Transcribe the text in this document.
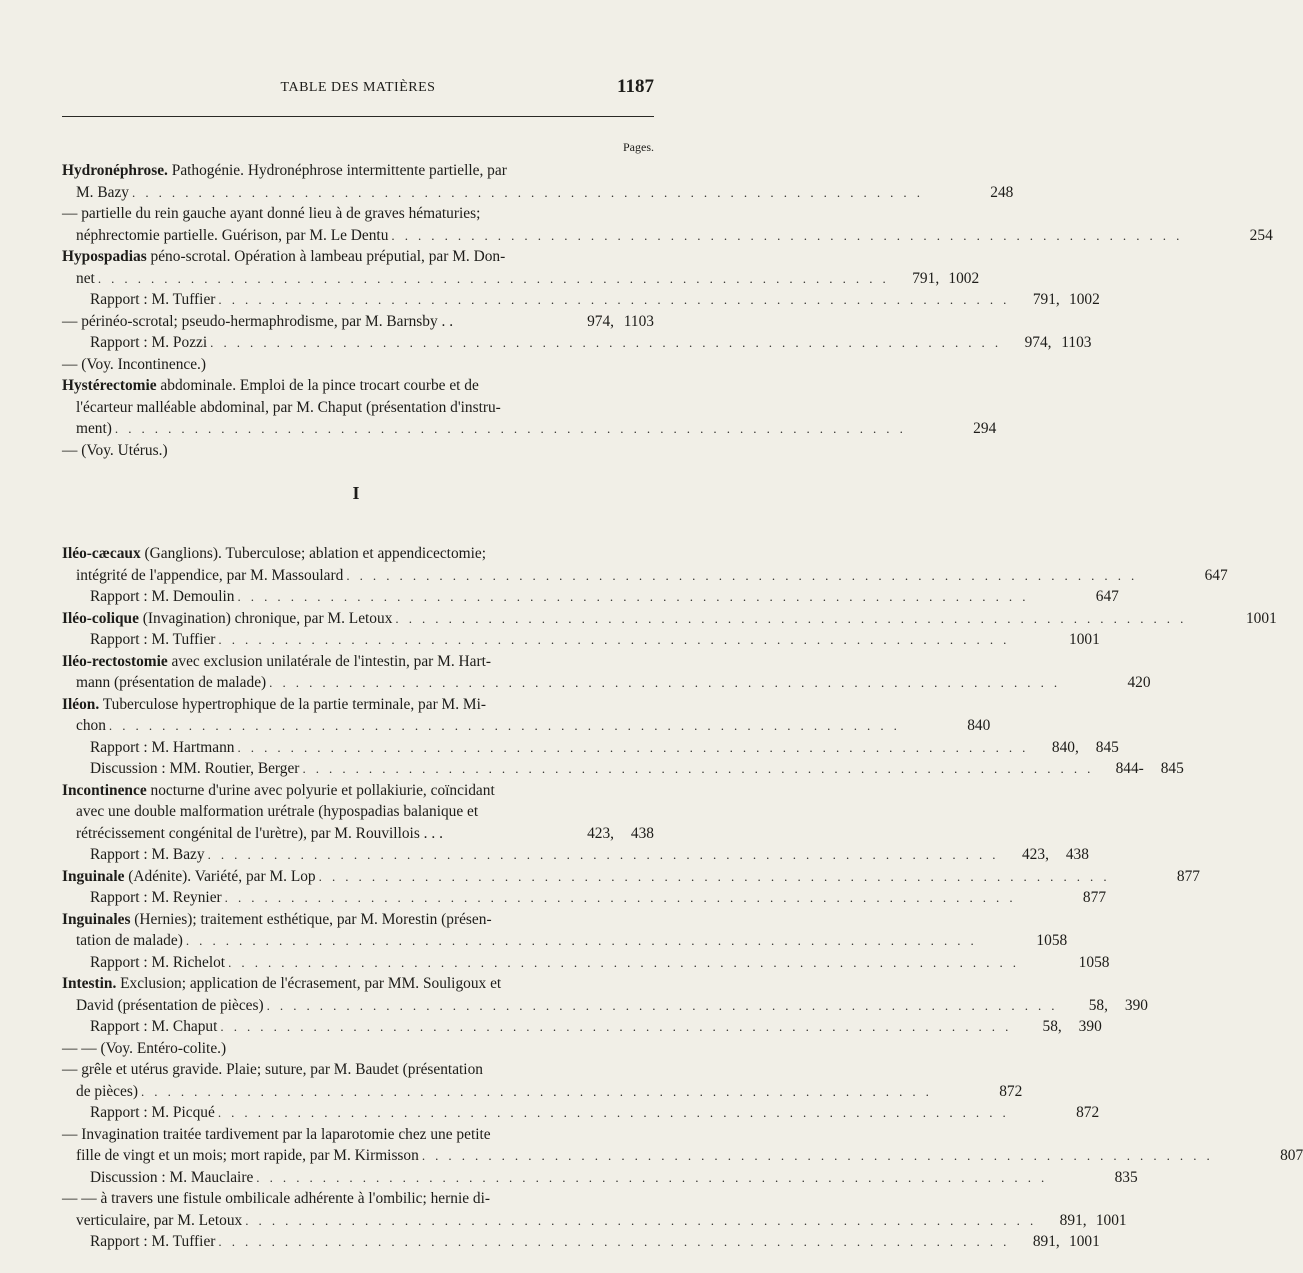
TABLE DES MATIÈRES	1187
Pages.
Hydronéphrose. Pathogénie. Hydronéphrose intermittente partielle, par
M. Bazy . . . . . . . . . . . . . . . . . . . . . . . . . . . . . . . . . . . . . . . . . . . . . . . . . . . . . . . . . . . .	248
— partielle du rein gauche ayant donné lieu à de graves hématuries;
néphrectomie partielle. Guérison, par M. Le Dentu . . . . . . . . . . . . . . . . . . . . . . . . . . . . . . . . . . . . . . . . . . . . . . . . . . . . . . . . . . . .	254
Hypospadias péno-scrotal. Opération à lambeau préputial, par M. Don-
net . . . . . . . . . . . . . . . . . . . . . . . . . . . . . . . . . . . . . . . . . . . . . . . . . . . . . . . . . . . .	791, 1002
Rapport : M. Tuffier . . . . . . . . . . . . . . . . . . . . . . . . . . . . . . . . . . . . . . . . . . . . . . . . . . . . . . . . . . . .	791, 1002
— périnéo-scrotal; pseudo-hermaphrodisme, par M. Barnsby . .	974, 1103
Rapport : M. Pozzi . . . . . . . . . . . . . . . . . . . . . . . . . . . . . . . . . . . . . . . . . . . . . . . . . . . . . . . . . . . .	974, 1103
— (Voy. Incontinence.)
Hystérectomie abdominale. Emploi de la pince trocart courbe et de
l'écarteur malléable abdominal, par M. Chaput (présentation d'instru-
ment) . . . . . . . . . . . . . . . . . . . . . . . . . . . . . . . . . . . . . . . . . . . . . . . . . . . . . . . . . . . .	294
— (Voy. Utérus.)
I
Iléo-cæcaux (Ganglions). Tuberculose; ablation et appendicectomie;
intégrité de l'appendice, par M. Massoulard . . . . . . . . . . . . . . . . . . . . . . . . . . . . . . . . . . . . . . . . . . . . . . . . . . . . . . . . . . . .	647
Rapport : M. Demoulin . . . . . . . . . . . . . . . . . . . . . . . . . . . . . . . . . . . . . . . . . . . . . . . . . . . . . . . . . . . .	647
Iléo-colique (Invagination) chronique, par M. Letoux . . . . . . . . . . . . . . . . . . . . . . . . . . . . . . . . . . . . . . . . . . . . . . . . . . . . . . . . . . . .	1001
Rapport : M. Tuffier . . . . . . . . . . . . . . . . . . . . . . . . . . . . . . . . . . . . . . . . . . . . . . . . . . . . . . . . . . . .	1001
Iléo-rectostomie avec exclusion unilatérale de l'intestin, par M. Hart-
mann (présentation de malade) . . . . . . . . . . . . . . . . . . . . . . . . . . . . . . . . . . . . . . . . . . . . . . . . . . . . . . . . . . . .	420
Iléon. Tuberculose hypertrophique de la partie terminale, par M. Mi-
chon . . . . . . . . . . . . . . . . . . . . . . . . . . . . . . . . . . . . . . . . . . . . . . . . . . . . . . . . . . . .	840
Rapport : M. Hartmann . . . . . . . . . . . . . . . . . . . . . . . . . . . . . . . . . . . . . . . . . . . . . . . . . . . . . . . . . . . .	840,	845
Discussion : MM. Routier, Berger . . . . . . . . . . . . . . . . . . . . . . . . . . . . . . . . . . . . . . . . . . . . . . . . . . . . . . . . . . . .	844-	845
Incontinence nocturne d'urine avec polyurie et pollakiurie, coïncidant
avec une double malformation urétrale (hypospadias balanique et
rétrécissement congénital de l'urètre), par M. Rouvillois . . .	423,	438
Rapport : M. Bazy . . . . . . . . . . . . . . . . . . . . . . . . . . . . . . . . . . . . . . . . . . . . . . . . . . . . . . . . . . . .	423,	438
Inguinale (Adénite). Variété, par M. Lop . . . . . . . . . . . . . . . . . . . . . . . . . . . . . . . . . . . . . . . . . . . . . . . . . . . . . . . . . . . .	877
Rapport : M. Reynier . . . . . . . . . . . . . . . . . . . . . . . . . . . . . . . . . . . . . . . . . . . . . . . . . . . . . . . . . . . .	877
Inguinales (Hernies); traitement esthétique, par M. Morestin (présen-
tation de malade) . . . . . . . . . . . . . . . . . . . . . . . . . . . . . . . . . . . . . . . . . . . . . . . . . . . . . . . . . . . .	1058
Rapport : M. Richelot . . . . . . . . . . . . . . . . . . . . . . . . . . . . . . . . . . . . . . . . . . . . . . . . . . . . . . . . . . . .	1058
Intestin. Exclusion; application de l'écrasement, par MM. Souligoux et
David (présentation de pièces) . . . . . . . . . . . . . . . . . . . . . . . . . . . . . . . . . . . . . . . . . . . . . . . . . . . . . . . . . . . .	58,	390
Rapport : M. Chaput . . . . . . . . . . . . . . . . . . . . . . . . . . . . . . . . . . . . . . . . . . . . . . . . . . . . . . . . . . . .	58,	390
— — (Voy. Entéro-colite.)
— grêle et utérus gravide. Plaie; suture, par M. Baudet (présentation
de pièces) . . . . . . . . . . . . . . . . . . . . . . . . . . . . . . . . . . . . . . . . . . . . . . . . . . . . . . . . . . . .	872
Rapport : M. Picqué . . . . . . . . . . . . . . . . . . . . . . . . . . . . . . . . . . . . . . . . . . . . . . . . . . . . . . . . . . . .	872
— Invagination traitée tardivement par la laparotomie chez une petite
fille de vingt et un mois; mort rapide, par M. Kirmisson . . . . . . . . . . . . . . . . . . . . . . . . . . . . . . . . . . . . . . . . . . . . . . . . . . . . . . . . . . . .	807
Discussion : M. Mauclaire . . . . . . . . . . . . . . . . . . . . . . . . . . . . . . . . . . . . . . . . . . . . . . . . . . . . . . . . . . . .	835
— — à travers une fistule ombilicale adhérente à l'ombilic; hernie di-
verticulaire, par M. Letoux . . . . . . . . . . . . . . . . . . . . . . . . . . . . . . . . . . . . . . . . . . . . . . . . . . . . . . . . . . . .	891, 1001
Rapport : M. Tuffier . . . . . . . . . . . . . . . . . . . . . . . . . . . . . . . . . . . . . . . . . . . . . . . . . . . . . . . . . . . .	891, 1001
